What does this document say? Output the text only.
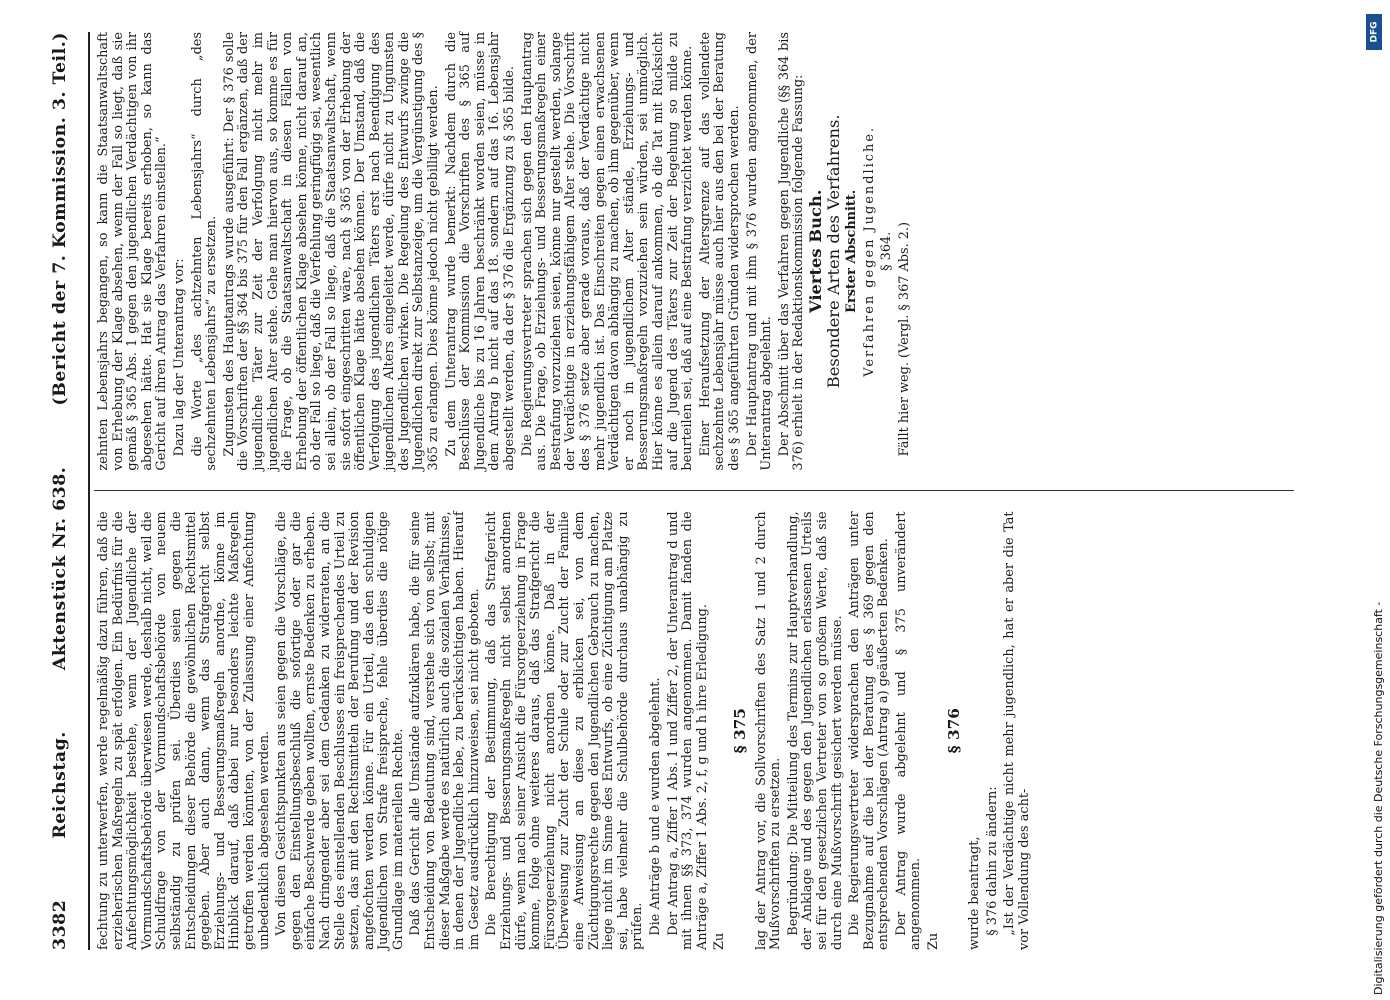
3382
Reichstag.
Aktenstück Nr. 638.
(Bericht der 7. Kommission. 3. Teil.)

fechtung zu unterwerfen, werde regelmäßig dazu führen, daß die erzieherischen Maßregeln zu spät erfolgen. Ein Bedürfnis für die Anfechtungsmöglichkeit bestehe, wenn der Jugendliche der Vormundschaftsbehörde überwiesen werde, deshalb nicht, weil die Schuldfrage von der Vormundschaftsbehörde von neuem selbständig zu prüfen sei. Überdies seien gegen die Entscheidungen dieser Behörde die gewöhnlichen Rechtsmittel gegeben. Aber auch dann, wenn das Strafgericht selbst Erziehungs- und Besserungsmaßregeln anordne, könne im Hinblick darauf, daß dabei nur besonders leichte Maßregeln getroffen werden könnten, von der Zulassung einer Anfechtung unbedenklich abgesehen werden. Von diesen Gesichtspunkten aus seien gegen die Vorschläge, die gegen den Einstellungsbeschluß die sofortige oder gar die einfache Beschwerde geben wollten, ernste Bedenken zu erheben. Nach dringender aber sei dem Gedanken zu widerraten, an die Stelle des einstellenden Beschlusses ein freisprechendes Urteil zu setzen, das mit den Rechtsmitteln der Berufung und der Revision angefochten werden könne. Für ein Urteil, das den schuldigen Jugendlichen von Strafe freispreche, fehle überdies die nötige Grundlage im materiellen Rechte. Daß das Gericht alle Umstände aufzuklären habe, die für seine Entscheidung von Bedeutung sind, verstehe sich von selbst; mit dieser Maßgabe werde es natürlich auch die sozialen Verhältnisse, in denen der Jugendliche lebe, zu berücksichtigen haben. Hierauf im Gesetz ausdrücklich hinzuweisen, sei nicht geboten. Die Berechtigung der Bestimmung, daß das Strafgericht Erziehungs- und Besserungsmaßregeln nicht selbst anordnen dürfe, wenn nach seiner Ansicht die Fürsorgeerziehung in Frage komme, folge ohne weiteres daraus, daß das Strafgericht die Fürsorgeerziehung nicht anordnen könne. Daß in der Überweisung zur Zucht der Schule oder zur Zucht der Familie eine Anweisung an diese zu erblicken sei, von dem Züchtigungsrechte gegen den Jugendlichen Gebrauch zu machen, liege nicht im Sinne des Entwurfs, ob eine Züchtigung am Platze sei, habe vielmehr die Schulbehörde durchaus unabhängig zu prüfen. Die Anträge b und e wurden abgelehnt. Der Antrag a, Ziffer 1 Abs. 1 und Ziffer 2, der Unterantrag d und mit ihnen §§ 373, 374 wurden angenommen. Damit fanden die Anträge a, Ziffer 1 Abs. 2, f, g und h ihre Erledigung. Zu

§ 375 lag der Antrag vor, die Sollvorschriften des Satz 1 und 2 durch Mußvorschriften zu ersetzen. Begründung: Die Mitteilung des Termins zur Hauptverhandlung, der Anklage und des gegen den Jugendlichen erlassenen Urteils sei für den gesetzlichen Vertreter von so großem Werte, daß sie durch eine Mußvorschrift gesichert werden müsse. Die Regierungsvertreter widersprachen den Anträgen unter Bezugnahme auf die bei der Beratung des § 369 gegen den entsprechenden Vorschlägen (Antrag a) geäußerten Bedenken. Der Antrag wurde abgelehnt und § 375 unverändert angenommen. Zu

§ 376

wurde beantragt, § 376 dahin zu ändern: „Ist der Verdächtige nicht mehr jugendlich, hat er aber die Tat vor Vollendung des acht-

zehnten Lebensjahrs begangen, so kann die Staatsanwaltschaft von Erhebung der Klage absehen, wenn der Fall so liegt, daß sie gemäß § 365 Abs. 1 gegen den jugendlichen Verdächtigen von ihr abgesehen hätte. Hat sie Klage bereits erhoben, so kann das Gericht auf ihren Antrag das Verfahren einstellen.“ Dazu lag der Unterantrag vor: die Worte „des achtzehnten Lebensjahrs“ durch „des sechzehnten Lebensjahrs“ zu ersetzen. Zugunsten des Hauptantrags wurde ausgeführt: Der § 376 solle die Vorschriften der §§ 364 bis 375 für den Fall ergänzen, daß der jugendliche Täter zur Zeit der Verfolgung nicht mehr im jugendlichen Alter stehe. Gehe man hiervon aus, so komme es für die Frage, ob die Staatsanwaltschaft in diesen Fällen von Erhebung der öffentlichen Klage absehen könne, nicht darauf an, ob der Fall so liege, daß die Verfehlung geringfügig sei, wesentlich sei allein, ob der Fall so liege, daß die Staatsanwaltschaft, wenn sie sofort eingeschritten wäre, nach § 365 von der Erhebung der öffentlichen Klage hätte absehen können. Der Umstand, daß die Verfolgung des jugendlichen Täters erst nach Beendigung des jugendlichen Alters eingeleitet werde, dürfe nicht zu Ungunsten des Jugendlichen wirken. Die Regelung des Entwurfs zwinge die Jugendlichen direkt zur Selbstanzeige, um die Vergünstigung des § 365 zu erlangen. Dies könne jedoch nicht gebilligt werden. Zu dem Unterantrag wurde bemerkt: Nachdem durch die Beschlüsse der Kommission die Vorschriften des § 365 auf Jugendliche bis zu 16 Jahren beschränkt worden seien, müsse in dem Antrag b nicht auf das 18. sondern auf das 16. Lebensjahr abgestellt werden, da der § 376 die Ergänzung zu § 365 bilde. Die Regierungsvertreter sprachen sich gegen den Hauptantrag aus. Die Frage, ob Erziehungs- und Besserungsmaßregeln einer Bestrafung vorzuziehen seien, könne nur gestellt werden, solange der Verdächtige in erziehungsfähigem Alter stehe. Die Vorschrift des § 376 setze aber gerade voraus, daß der Verdächtige nicht mehr jugendlich ist. Das Einschreiten gegen einen erwachsenen Verdächtigen davon abhängig zu machen, ob ihm gegenüber, wenn er noch in jugendlichem Alter stände, Erziehungs- und Besserungsmaßregeln vorzuziehen sein würden, sei unmöglich. Hier könne es allein darauf ankommen, ob die Tat mit Rücksicht auf die Jugend des Täters zur Zeit der Begehung so milde zu beurteilen sei, daß auf eine Bestrafung verzichtet werden könne. Einer Heraufsetzung der Altersgrenze auf das vollendete sechzehnte Lebensjahr müsse auch hier aus den bei der Beratung des § 365 angeführten Gründen widersprochen werden. Der Hauptantrag und mit ihm § 376 wurden angenommen, der Unterantrag abgelehnt. Der Abschnitt über das Verfahren gegen Jugendliche (§§ 364 bis 376) erhielt in der Redaktionskommission folgende Fassung: Viertes Buch.

Besondere Arten des Verfahrens. Erster Abschnitt. Verfahren gegen Jugendliche. § 364. Fällt hier weg. (Vergl. § 367 Abs. 2.)

DFG
Digitalisierung gefördert durch die Deutsche Forschungsgemeinschaft -
